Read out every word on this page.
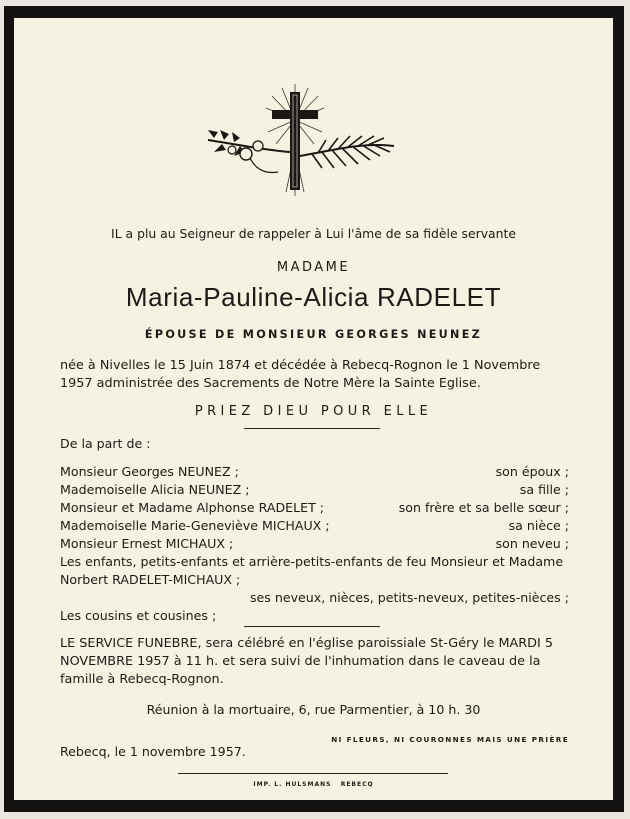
IL a plu au Seigneur de rappeler à Lui l'âme de sa fidèle servante
MADAME
Maria-Pauline-Alicia RADELET
ÉPOUSE DE MONSIEUR GEORGES NEUNEZ
née à Nivelles le 15 Juin 1874 et décédée à Rebecq-Rognon le 1 Novembre
1957 administrée des Sacrements de Notre Mère la Sainte Eglise.
PRIEZ DIEU POUR ELLE
De la part de :
Monsieur Georges NEUNEZ ;	son époux ;
Mademoiselle Alicia NEUNEZ ;	sa fille ;
Monsieur et Madame Alphonse RADELET ;	son frère et sa belle sœur ;
Mademoiselle Marie-Geneviève MICHAUX ;	sa nièce ;
Monsieur Ernest MICHAUX ;	son neveu ;
Les enfants, petits-enfants et arrière-petits-enfants de feu Monsieur et Madame
Norbert RADELET-MICHAUX ;
ses neveux, nièces, petits-neveux, petites-nièces ;
Les cousins et cousines ;
LE SERVICE FUNEBRE, sera célébré en l'église paroissiale St-Géry le MARDI 5
NOVEMBRE 1957 à 11 h. et sera suivi de l'inhumation dans le caveau de la
famille à Rebecq-Rognon.
Réunion à la mortuaire, 6, rue Parmentier, à 10 h. 30
NI FLEURS, NI COURONNES MAIS UNE PRIÈRE
Rebecq, le 1 novembre 1957.
IMP. L. HULSMANS   REBECQ
